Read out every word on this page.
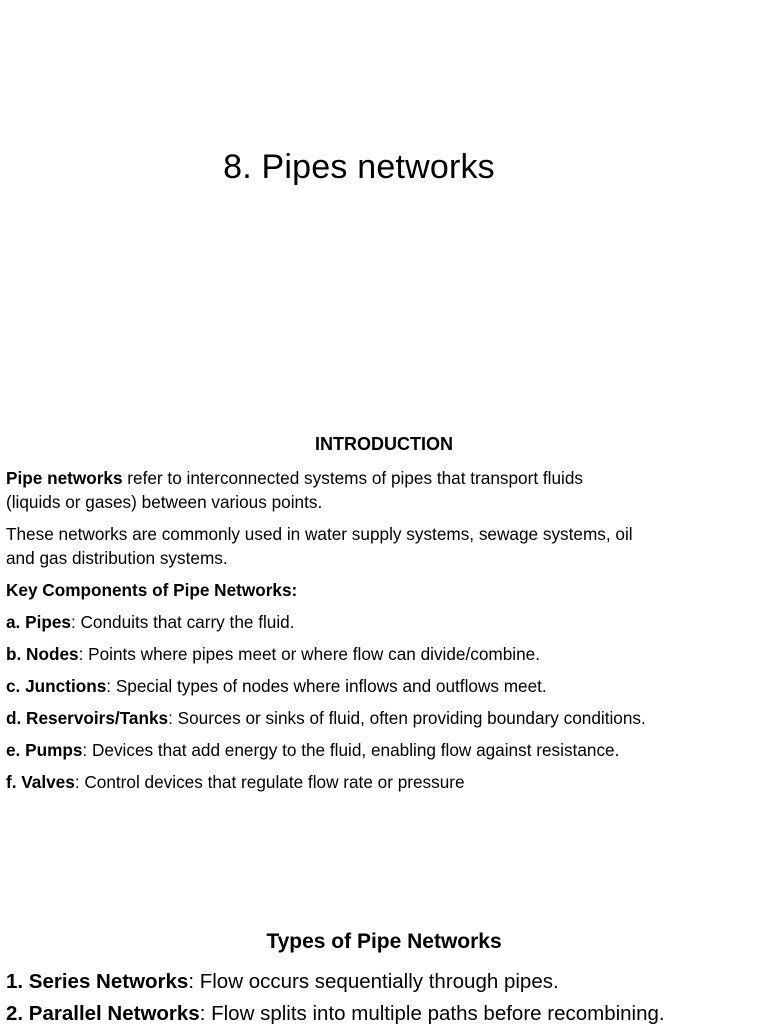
8. Pipes networks
INTRODUCTION

Pipe networks refer to interconnected systems of pipes that transport fluids

(liquids or gases) between various points.

These networks are commonly used in water supply systems, sewage systems, oil

and gas distribution systems.

Key Components of Pipe Networks:

a. Pipes: Conduits that carry the fluid.

b. Nodes: Points where pipes meet or where flow can divide/combine.

c. Junctions: Special types of nodes where inflows and outflows meet.

d. Reservoirs/Tanks: Sources or sinks of fluid, often providing boundary conditions.

e. Pumps: Devices that add energy to the fluid, enabling flow against resistance.

f. Valves: Control devices that regulate flow rate or pressure

Types of Pipe Networks

1. Series Networks: Flow occurs sequentially through pipes.

2. Parallel Networks: Flow splits into multiple paths before recombining.
